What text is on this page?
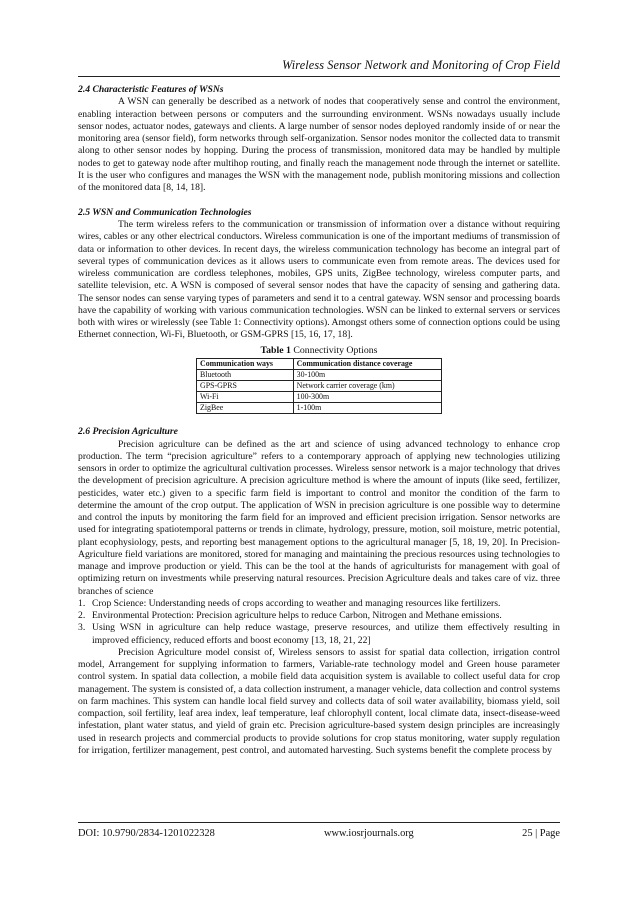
Wireless Sensor Network and Monitoring of Crop Field
2.4 Characteristic Features of WSNs

A WSN can generally be described as a network of nodes that cooperatively sense and control the environment, enabling interaction between persons or computers and the surrounding environment. WSNs nowadays usually include sensor nodes, actuator nodes, gateways and clients. A large number of sensor nodes deployed randomly inside of or near the monitoring area (sensor field), form networks through self-organization. Sensor nodes monitor the collected data to transmit along to other sensor nodes by hopping. During the process of transmission, monitored data may be handled by multiple nodes to get to gateway node after multihop routing, and finally reach the management node through the internet or satellite. It is the user who configures and manages the WSN with the management node, publish monitoring missions and collection of the monitored data [8, 14, 18].

2.5 WSN and Communication Technologies

The term wireless refers to the communication or transmission of information over a distance without requiring wires, cables or any other electrical conductors. Wireless communication is one of the important mediums of transmission of data or information to other devices. In recent days, the wireless communication technology has become an integral part of several types of communication devices as it allows users to communicate even from remote areas. The devices used for wireless communication are cordless telephones, mobiles, GPS units, ZigBee technology, wireless computer parts, and satellite television, etc. A WSN is composed of several sensor nodes that have the capacity of sensing and gathering data. The sensor nodes can sense varying types of parameters and send it to a central gateway. WSN sensor and processing boards have the capability of working with various communication technologies. WSN can be linked to external servers or services both with wires or wirelessly (see Table 1: Connectivity options). Amongst others some of connection options could be using Ethernet connection, Wi-Fi, Bluetooth, or GSM-GPRS [15, 16, 17, 18].

Table 1 Connectivity Options
Communication ways	Communication distance coverage
Bluetooth	30-100m
GPS-GPRS	Network carrier coverage (km)
Wi-Fi	100-300m
ZigBee	1-100m
2.6 Precision Agriculture

Precision agriculture can be defined as the art and science of using advanced technology to enhance crop production. The term “precision agriculture” refers to a contemporary approach of applying new technologies utilizing sensors in order to optimize the agricultural cultivation processes. Wireless sensor network is a major technology that drives the development of precision agriculture. A precision agriculture method is where the amount of inputs (like seed, fertilizer, pesticides, water etc.) given to a specific farm field is important to control and monitor the condition of the farm to determine the amount of the crop output. The application of WSN in precision agriculture is one possible way to determine and control the inputs by monitoring the farm field for an improved and efficient precision irrigation. Sensor networks are used for integrating spatiotemporal patterns or trends in climate, hydrology, pressure, motion, soil moisture, metric potential, plant ecophysiology, pests, and reporting best management options to the agricultural manager [5, 18, 19, 20]. In Precision-Agriculture field variations are monitored, stored for managing and maintaining the precious resources using technologies to manage and improve production or yield. This can be the tool at the hands of agriculturists for management with goal of optimizing return on investments while preserving natural resources. Precision Agriculture deals and takes care of viz. three branches of science

1. Crop Science: Understanding needs of crops according to weather and managing resources like fertilizers.
2. Environmental Protection: Precision agriculture helps to reduce Carbon, Nitrogen and Methane emissions.
3. Using WSN in agriculture can help reduce wastage, preserve resources, and utilize them effectively resulting in improved efficiency, reduced efforts and boost economy [13, 18, 21, 22]

Precision Agriculture model consist of, Wireless sensors to assist for spatial data collection, irrigation control model, Arrangement for supplying information to farmers, Variable-rate technology model and Green house parameter control system. In spatial data collection, a mobile field data acquisition system is available to collect useful data for crop management. The system is consisted of, a data collection instrument, a manager vehicle, data collection and control systems on farm machines. This system can handle local field survey and collects data of soil water availability, biomass yield, soil compaction, soil fertility, leaf area index, leaf temperature, leaf chlorophyll content, local climate data, insect-disease-weed infestation, plant water status, and yield of grain etc. Precision agriculture-based system design principles are increasingly used in research projects and commercial products to provide solutions for crop status monitoring, water supply regulation for irrigation, fertilizer management, pest control, and automated harvesting. Such systems benefit the complete process by

DOI: 10.9790/2834-1201022328	www.iosrjournals.org	25 | Page
